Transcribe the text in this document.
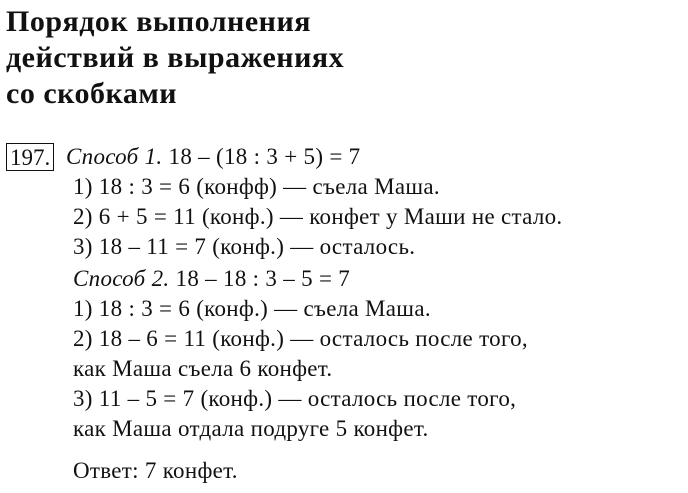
Порядок выполнения
действий в выражениях
со скобками
197. Способ 1. 18 – (18 : 3 + 5) = 7
1) 18 : 3 = 6 (конфф) — съела Маша.
2) 6 + 5 = 11 (конф.) — конфет у Маши не стало.
3) 18 – 11 = 7 (конф.) — осталось.
Способ 2. 18 – 18 : 3 – 5 = 7
1) 18 : 3 = 6 (конф.) — съела Маша.
2) 18 – 6 = 11 (конф.) — осталось после того,
как Маша съела 6 конфет.
3) 11 – 5 = 7 (конф.) — осталось после того,
как Маша отдала подруге 5 конфет.
Ответ: 7 конфет.
